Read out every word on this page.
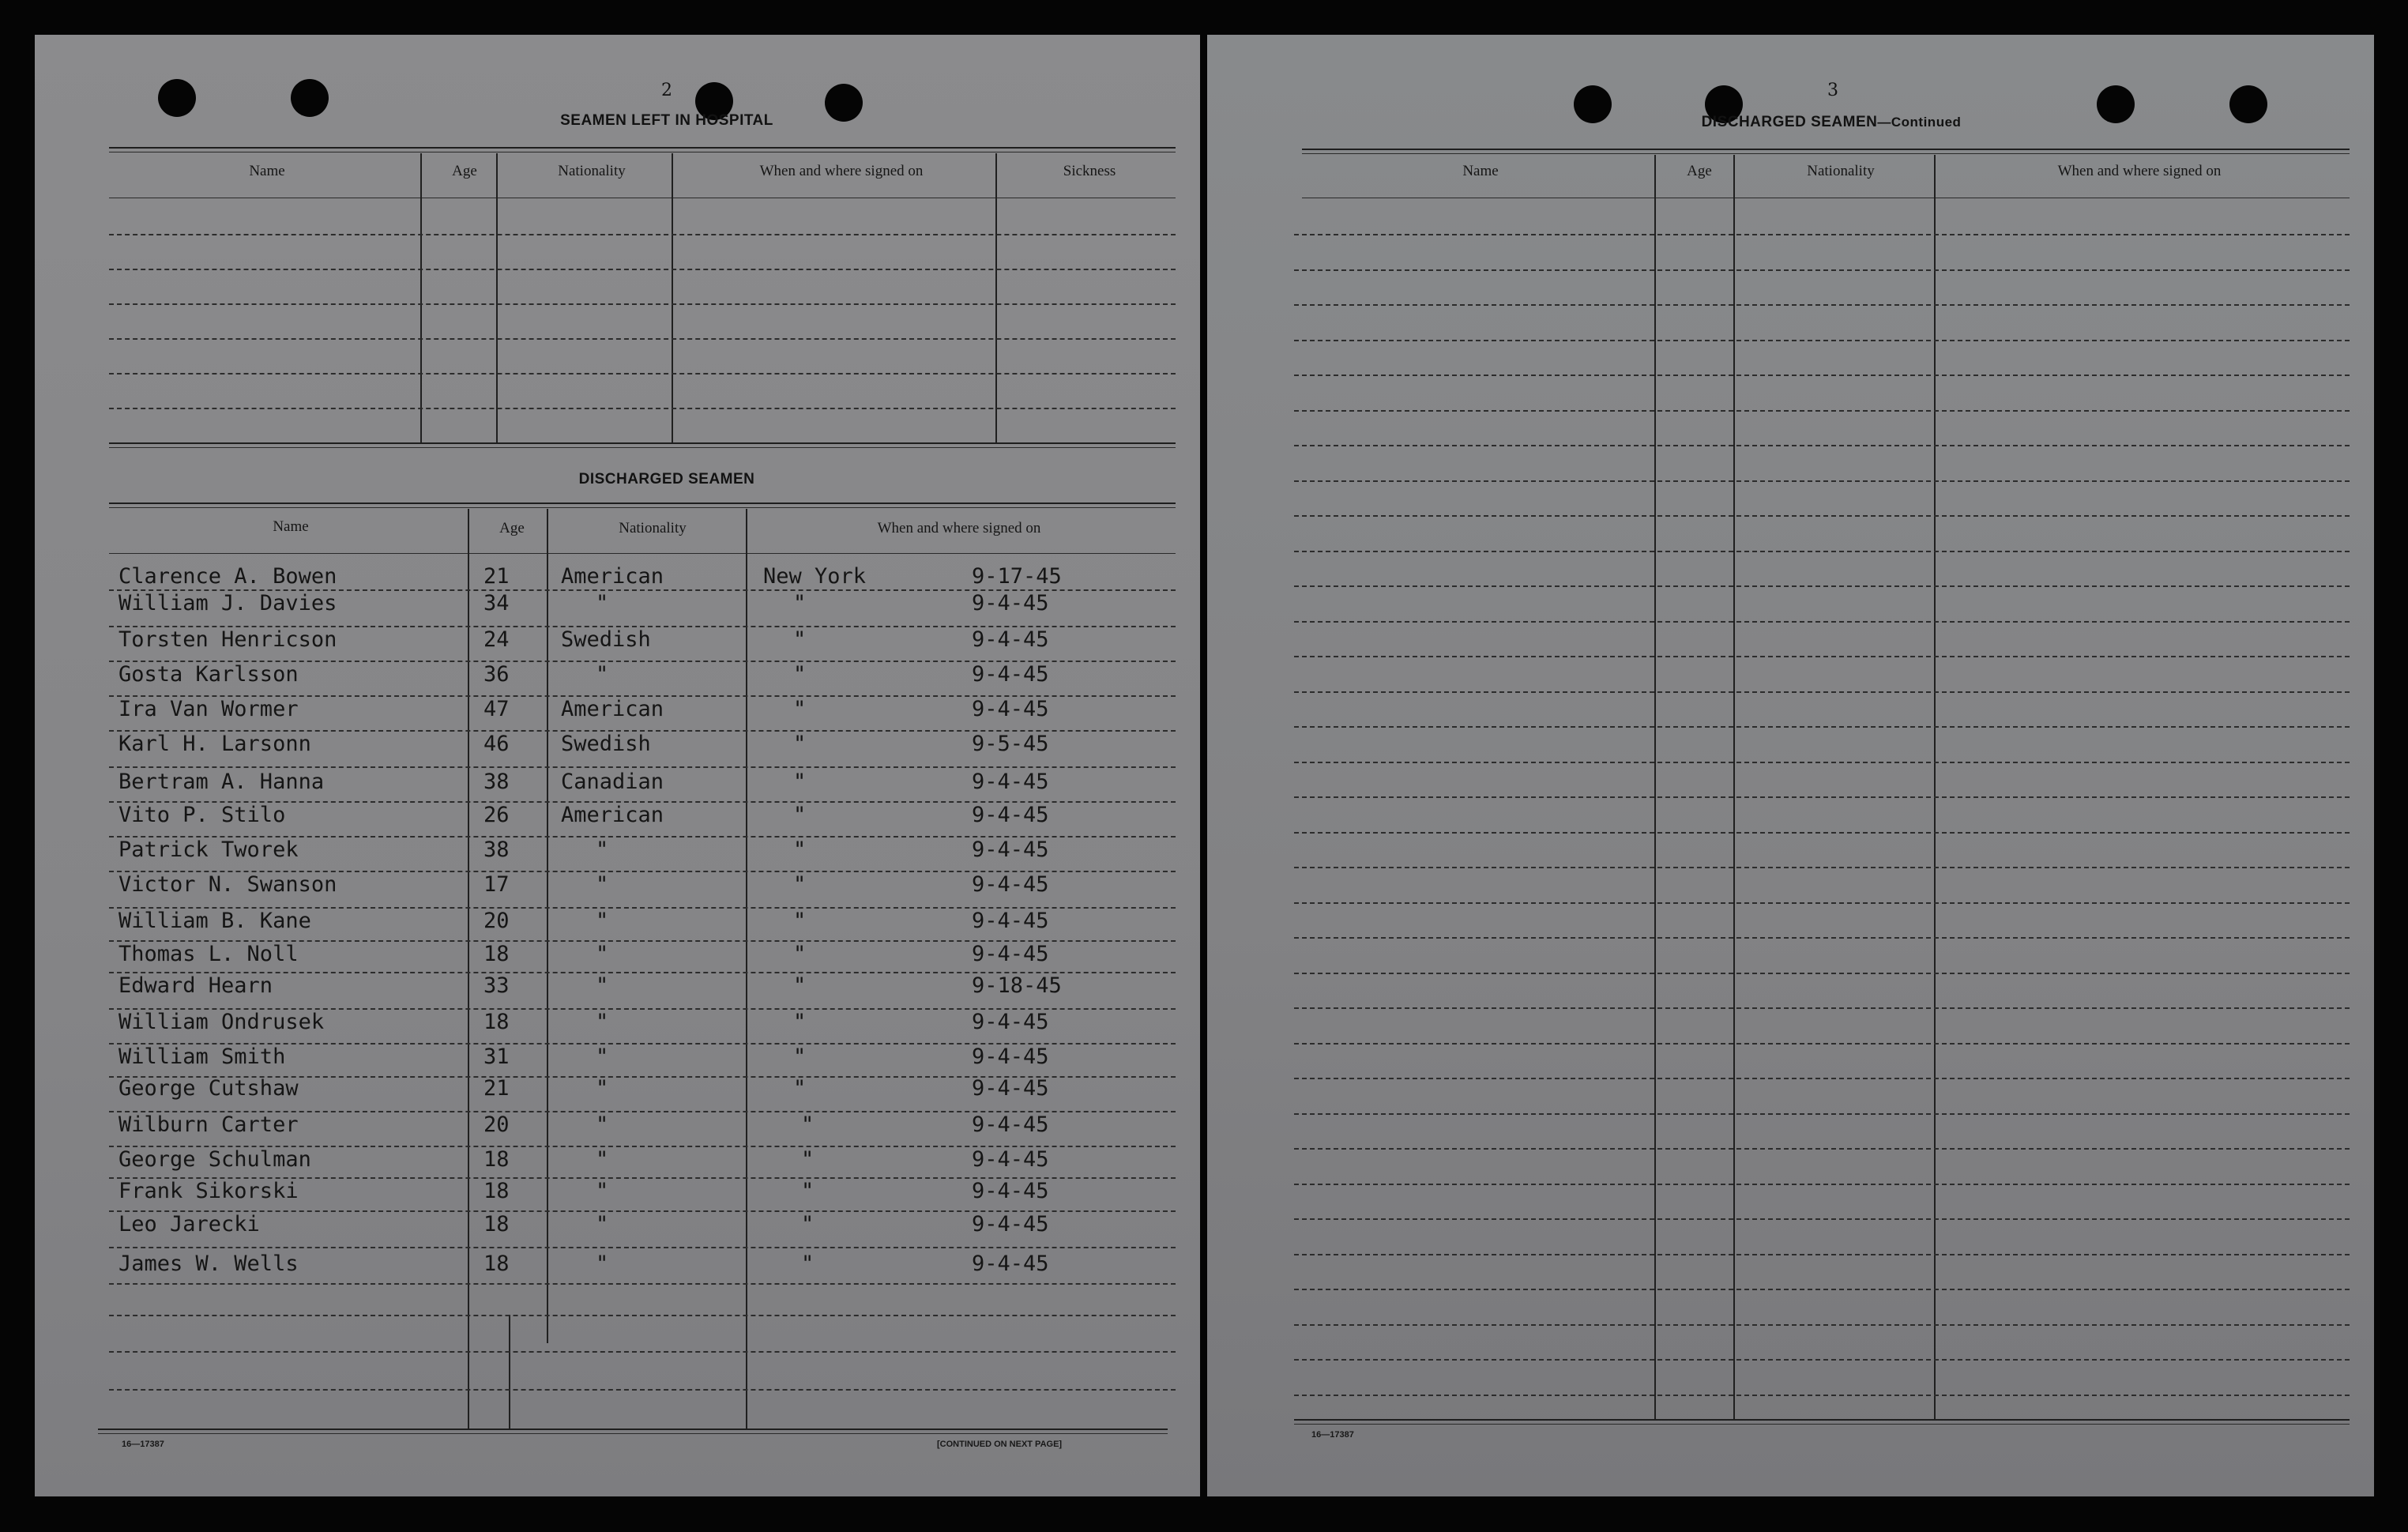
2
SEAMEN LEFT IN HOSPITAL
Name	Age	Nationality	When and where signed on	Sickness
DISCHARGED SEAMEN
Name	Age	Nationality	When and where signed on
Clarence A. Bowen	21 American	New York	9-17-45
William J. Davies	34	"	"	9-4-45
Torsten Henricson	24 Swedish	"	9-4-45
Gosta Karlsson	36	"	"	9-4-45
Ira Van Wormer	47 American	"	9-4-45
Karl H. Larsonn	46 Swedish	"	9-5-45
Bertram A. Hanna	38 Canadian	"	9-4-45
Vito P. Stilo	26 American	"	9-4-45
Patrick Tworek	38	"	"	9-4-45
Victor N. Swanson	17	"	"	9-4-45
William B. Kane	20	"	"	9-4-45
Thomas L. Noll	18	"	"	9-4-45
Edward Hearn	33	"	"	9-18-45
William Ondrusek	18	"	"	9-4-45
William Smith	31	"	"	9-4-45
George Cutshaw	21	"	"	9-4-45
Wilburn Carter	20	"	"	9-4-45
George Schulman	18	"	"	9-4-45
Frank Sikorski	18	"	"	9-4-45
Leo Jarecki	18	"	"	9-4-45
James W. Wells	18	"	"	9-4-45
16—17387	[CONTINUED ON NEXT PAGE]
3
DISCHARGED SEAMEN—Continued
Name	Age	Nationality	When and where signed on
16—17387
